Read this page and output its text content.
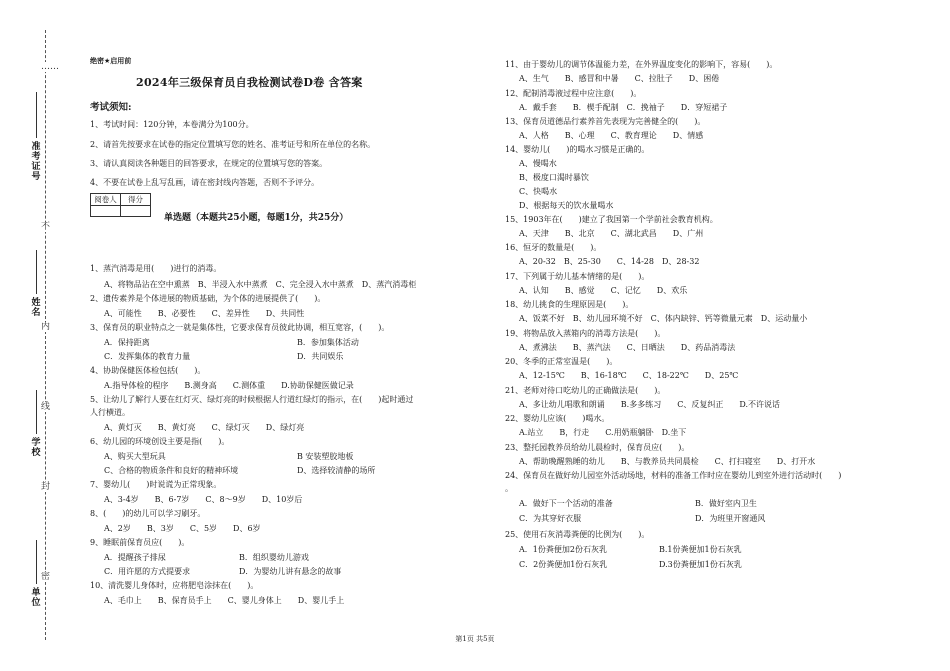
……
不
内
线
封
密
准考证号
姓名
学校
单位
绝密★启用前
2024年三级保育员自我检测试卷D卷 含答案
考试须知:
1、考试时间：120分钟，本卷满分为100分。
2、请首先按要求在试卷的指定位置填写您的姓名、准考证号和所在单位的名称。
3、请认真阅读各种题目的回答要求，在规定的位置填写您的答案。
4、不要在试卷上乱写乱画，请在密封线内答题，否则不予评分。
阅卷人	得分

单选题（本题共25小题，每题1分，共25分）
1、蒸汽消毒是用(　　)进行的消毒。
A、将物品沾在空中熏蒸　B、半浸入水中蒸煮　C、完全浸入水中蒸煮　D、蒸汽消毒柜
2、遗传素养是个体进展的物质基础，为个体的进展提供了(　　)。
A、可能性　　B、必要性　　C、差异性　　D、共同性
3、保育员的职业特点之一就是集体性，它要求保育员彼此协调，相互宽容，(　　)。
A．保持距离	B．参加集体活动
C．发挥集体的教育力量	D．共同娱乐
4、协助保健医体检包括(　　)。
A.指导体检的程序　　B.测身高　　C.测体重　　D.协助保健医做记录
5、让幼儿了解行人要在红灯灭、绿灯亮的时候根据人行道红绿灯的指示，在(　　)起时通过
人行横道。
A、黄灯灭　　B、黄灯亮　　C、绿灯灭　　D、绿灯亮
6、幼儿园的环境创设主要是指(　　)。
A、购买大型玩具	B 安装塑胶地板
C、合格的物质条件和良好的精神环境	D、选择较清静的场所
7、婴幼儿(　　)时说谎为正常现象。
A、3-4岁　　B、6-7岁　　C、8～9岁　　D、10岁后
8、(　　)的幼儿可以学习刷牙。
A、2岁　　B、3岁　　C、5岁　　D、6岁
9、睡眠前保育员应(　　)。
A．提醒孩子排尿	B．组织婴幼儿游戏
C．用许愿的方式提要求	D．为婴幼儿讲有悬念的故事
10、清洗婴儿身体时，应将肥皂涂抹在(　　)。
A、毛巾上　　B、保育员手上　　C、婴儿身体上　　D、婴儿手上
11、由于婴幼儿的调节体温能力差，在外界温度变化的影响下，容易(　　)。
A、生气　　B、感冒和中暑　　C、拉肚子　　D、困倦
12、配制消毒液过程中应注意(　　)。
A．戴手套　　B．楔手配制　C．挽袖子　　D．穿短裙子
13、保育员道德品行素养首先表现为完善健全的(　　)。
A、人格　　B、心理　　C、教育理论　　D、情感
14、婴幼儿(　　)的喝水习惯是正确的。
A、慢喝水
B、极度口渴时暴饮
C、快喝水
D、根据每天的饮水量喝水
15、1903年在(　　)建立了我国第一个学前社会教育机构。
A、天津　　B、北京　　C、湖北武昌　　D、广州
16、恒牙的数量是(　　)。
A、20-32　B、25-30　　C、14-28　D、28-32
17、下列属于幼儿基本情绪的是(　　)。
A、认知　　B、感觉　　C、记忆　　D、欢乐
18、幼儿挑食的生理原因是(　　)。
A、饭菜不好　B、幼儿园环境不好　C、体内缺锌、钙等微量元素　D、运动量小
19、将物品放入蒸箱内的消毒方法是(　　)。
A、煮沸法　　B、蒸汽法　　C、日晒法　　D、药品消毒法
20、冬季的正常室温是(　　)。
A、12-15℃　　B、16-18℃　　C、18-22℃　　D、25℃
21、老师对待口吃幼儿的正确做法是(　　)。
A、多让幼儿唱歌和朗诵　　B.多多练习　　C、反复纠正　　D.不许说话
22、婴幼儿应该(　　)喝水。
A.站立　　B，行走　　C.用奶瓶躺卧　D.坐下
23、整托园教养员给幼儿晨检时，保育员应(　　)。
A、帮助晚醒熟睡的幼儿　　B、与教养员共同晨检　　C、打扫寝室　　D、打开水
24、保育员在做好幼儿园室外活动场地，材料的准备工作时应在婴幼儿到室外进行活动时(　　)
。
A．做好下一个活动的准备	B．做好室内卫生
C．为其穿好衣服	D．为班里开窗通风
25、使用石灰消毒粪便的比例为(　　)。
A．1份粪便加2份石灰乳	B.1份粪便加1份石灰乳
C．2份粪便加1份石灰乳	D.3份粪便加1份石灰乳
第1页 共5页
